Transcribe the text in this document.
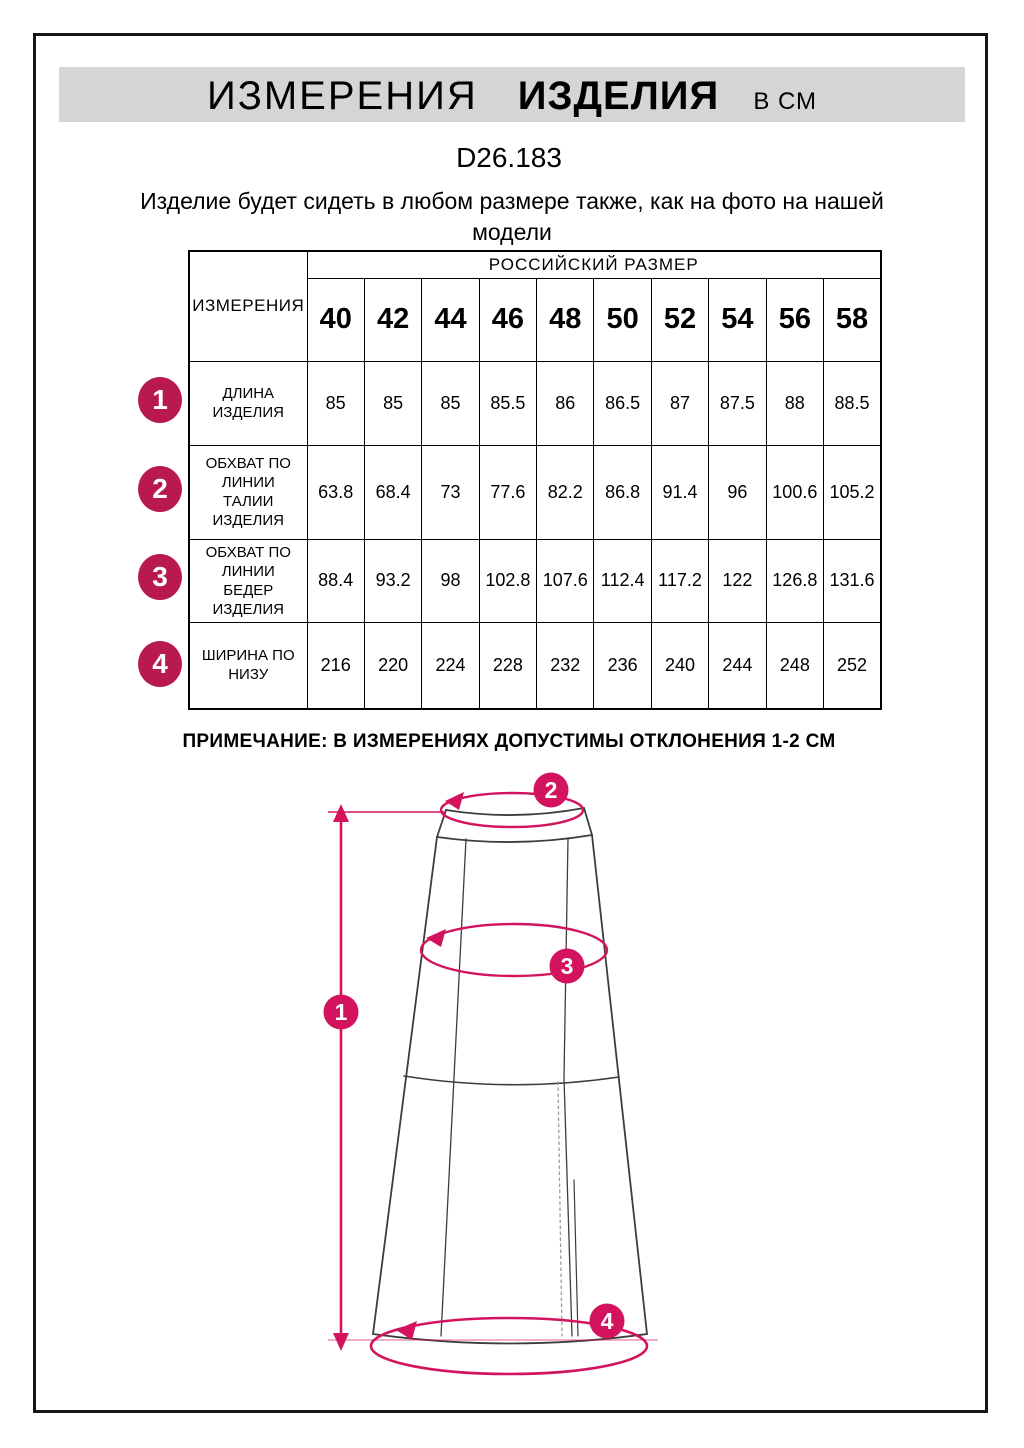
ИЗМЕРЕНИЯ ИЗДЕЛИЯ В СМ
D26.183
Изделие будет сидеть в любом размере также, как на фото на нашей модели
ИЗМЕРЕНИЯ	РОССИЙСКИЙ РАЗМЕР									
	40	42	44	46	48	50	52	54	56	58
ДЛИНА ИЗДЕЛИЯ	85	85	85	85.5	86	86.5	87	87.5	88	88.5
ОБХВАТ ПО ЛИНИИ ТАЛИИ ИЗДЕЛИЯ	63.8	68.4	73	77.6	82.2	86.8	91.4	96	100.6	105.2
ОБХВАТ ПО ЛИНИИ БЕДЕР ИЗДЕЛИЯ	88.4	93.2	98	102.8	107.6	112.4	117.2	122	126.8	131.6
ШИРИНА ПО НИЗУ	216	220	224	228	232	236	240	244	248	252
1
2
3
4
ПРИМЕЧАНИЕ: В ИЗМЕРЕНИЯХ ДОПУСТИМЫ ОТКЛОНЕНИЯ 1-2 СМ
1
2
3
4
